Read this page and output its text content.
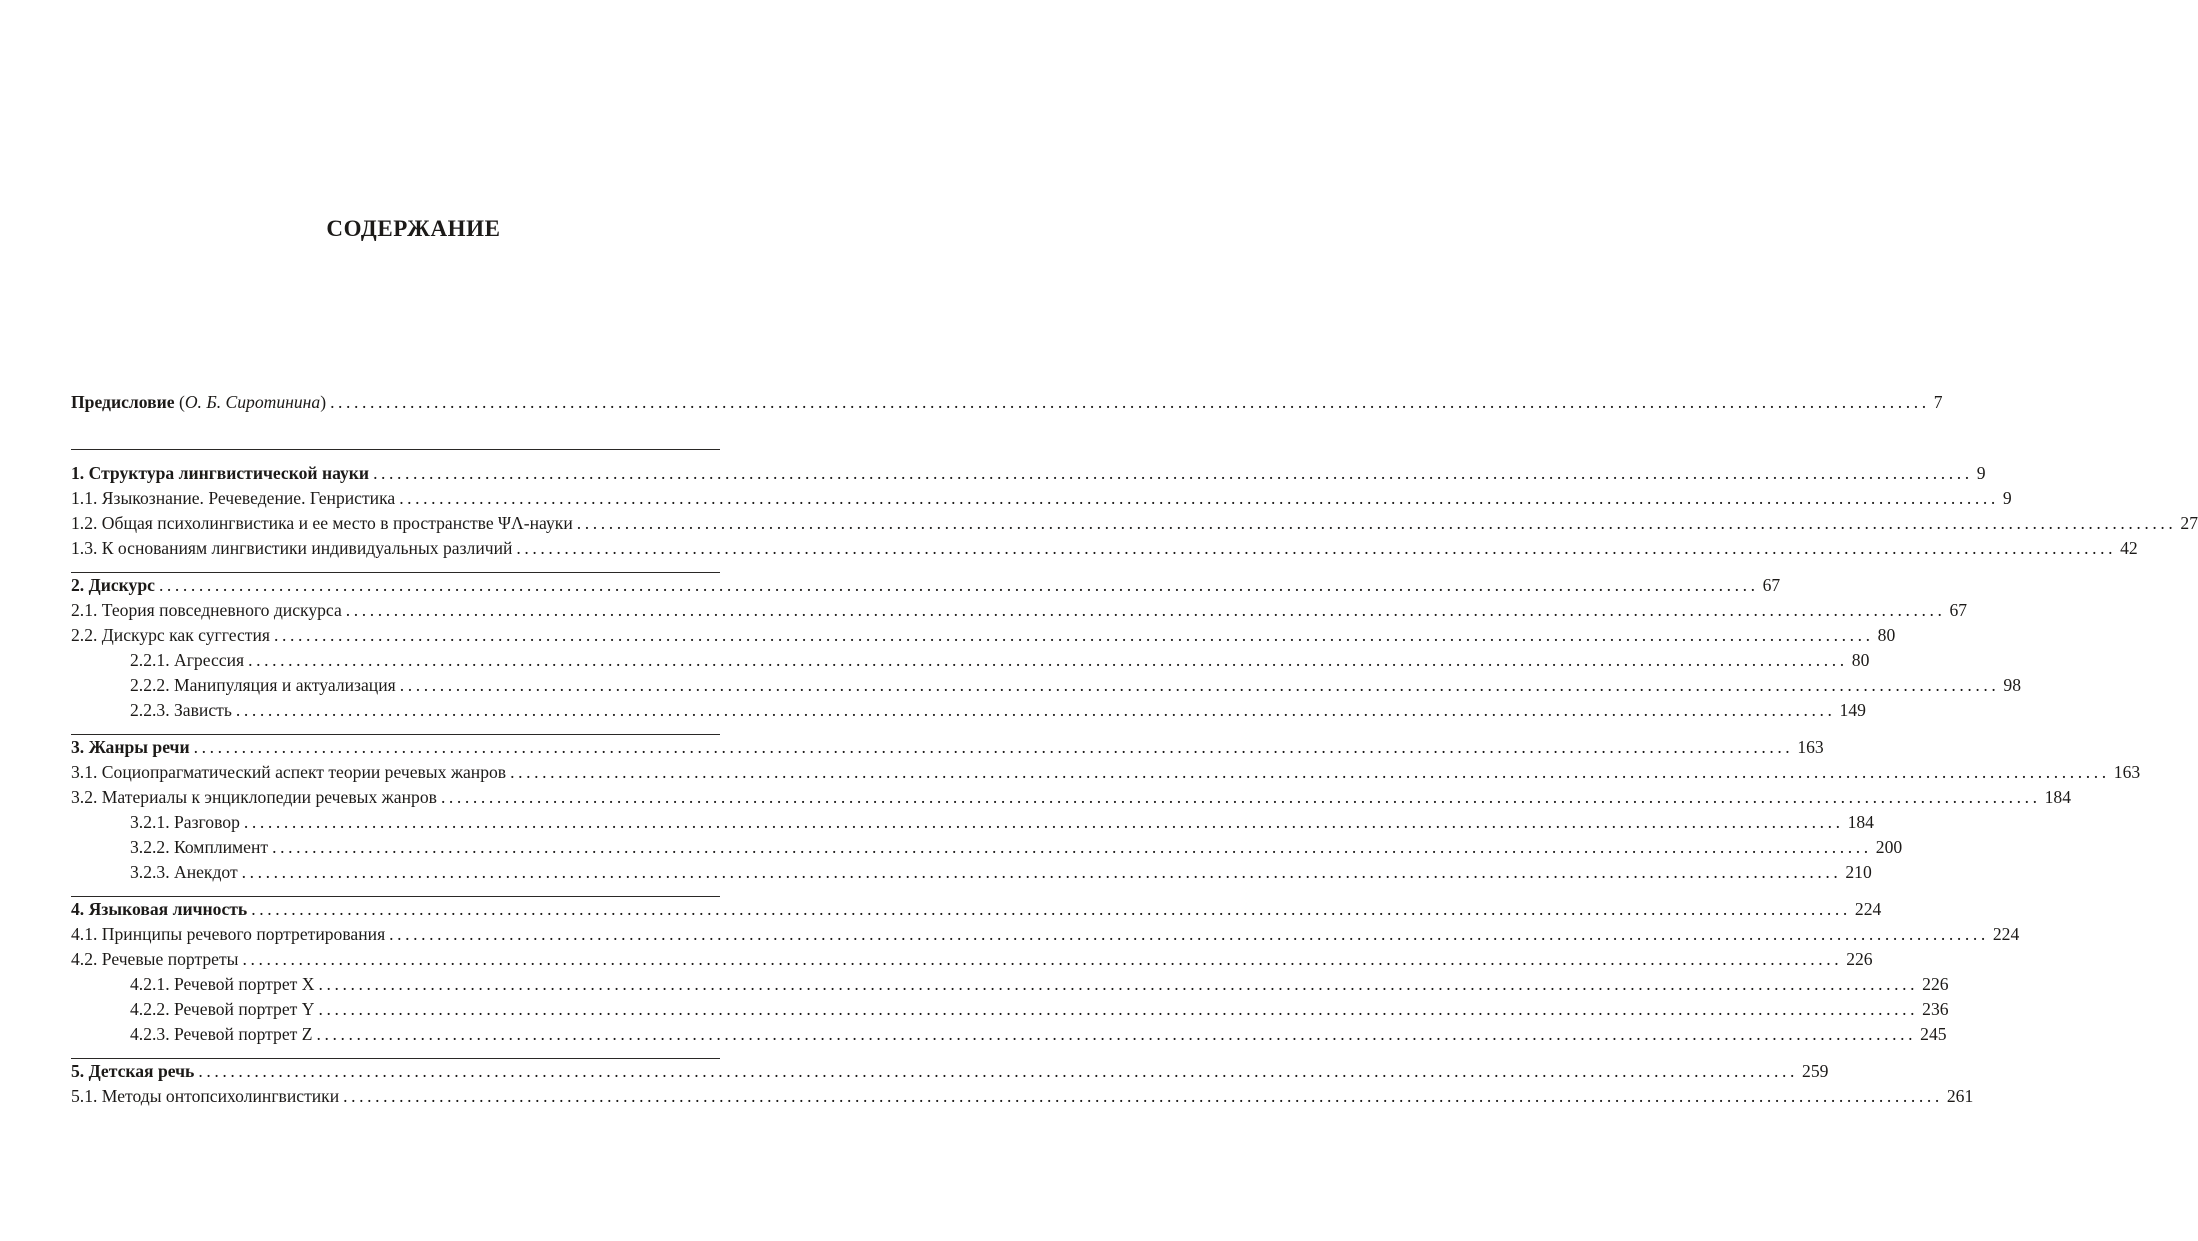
СОДЕРЖАНИЕ
Предисловие (О. Б. Сиротинина) ........................................................................................................................................................................................................ 7
1. Структура лингвистической науки ........................................................................................................................................................................................................ 9
1.1. Языкознание. Речеведение. Генристика ........................................................................................................................................................................................................ 9
1.2. Общая психолингвистика и ее место в пространстве ΨΛ-науки ........................................................................................................................................................................................................ 27
1.3. К основаниям лингвистики индивидуальных различий ........................................................................................................................................................................................................ 42
2. Дискурс ........................................................................................................................................................................................................ 67
2.1. Теория повседневного дискурса ........................................................................................................................................................................................................ 67
2.2. Дискурс как суггестия ........................................................................................................................................................................................................ 80
2.2.1. Агрессия ........................................................................................................................................................................................................ 80
2.2.2. Манипуляция и актуализация ........................................................................................................................................................................................................ 98
2.2.3. Зависть ........................................................................................................................................................................................................ 149
3. Жанры речи ........................................................................................................................................................................................................ 163
3.1. Социопрагматический аспект теории речевых жанров ........................................................................................................................................................................................................ 163
3.2. Материалы к энциклопедии речевых жанров ........................................................................................................................................................................................................ 184
3.2.1. Разговор ........................................................................................................................................................................................................ 184
3.2.2. Комплимент ........................................................................................................................................................................................................ 200
3.2.3. Анекдот ........................................................................................................................................................................................................ 210
4. Языковая личность ........................................................................................................................................................................................................ 224
4.1. Принципы речевого портретирования ........................................................................................................................................................................................................ 224
4.2. Речевые портреты ........................................................................................................................................................................................................ 226
4.2.1. Речевой портрет X ........................................................................................................................................................................................................ 226
4.2.2. Речевой портрет Y ........................................................................................................................................................................................................ 236
4.2.3. Речевой портрет Z ........................................................................................................................................................................................................ 245
5. Детская речь ........................................................................................................................................................................................................ 259
5.1. Методы онтопсихолингвистики ........................................................................................................................................................................................................ 261
